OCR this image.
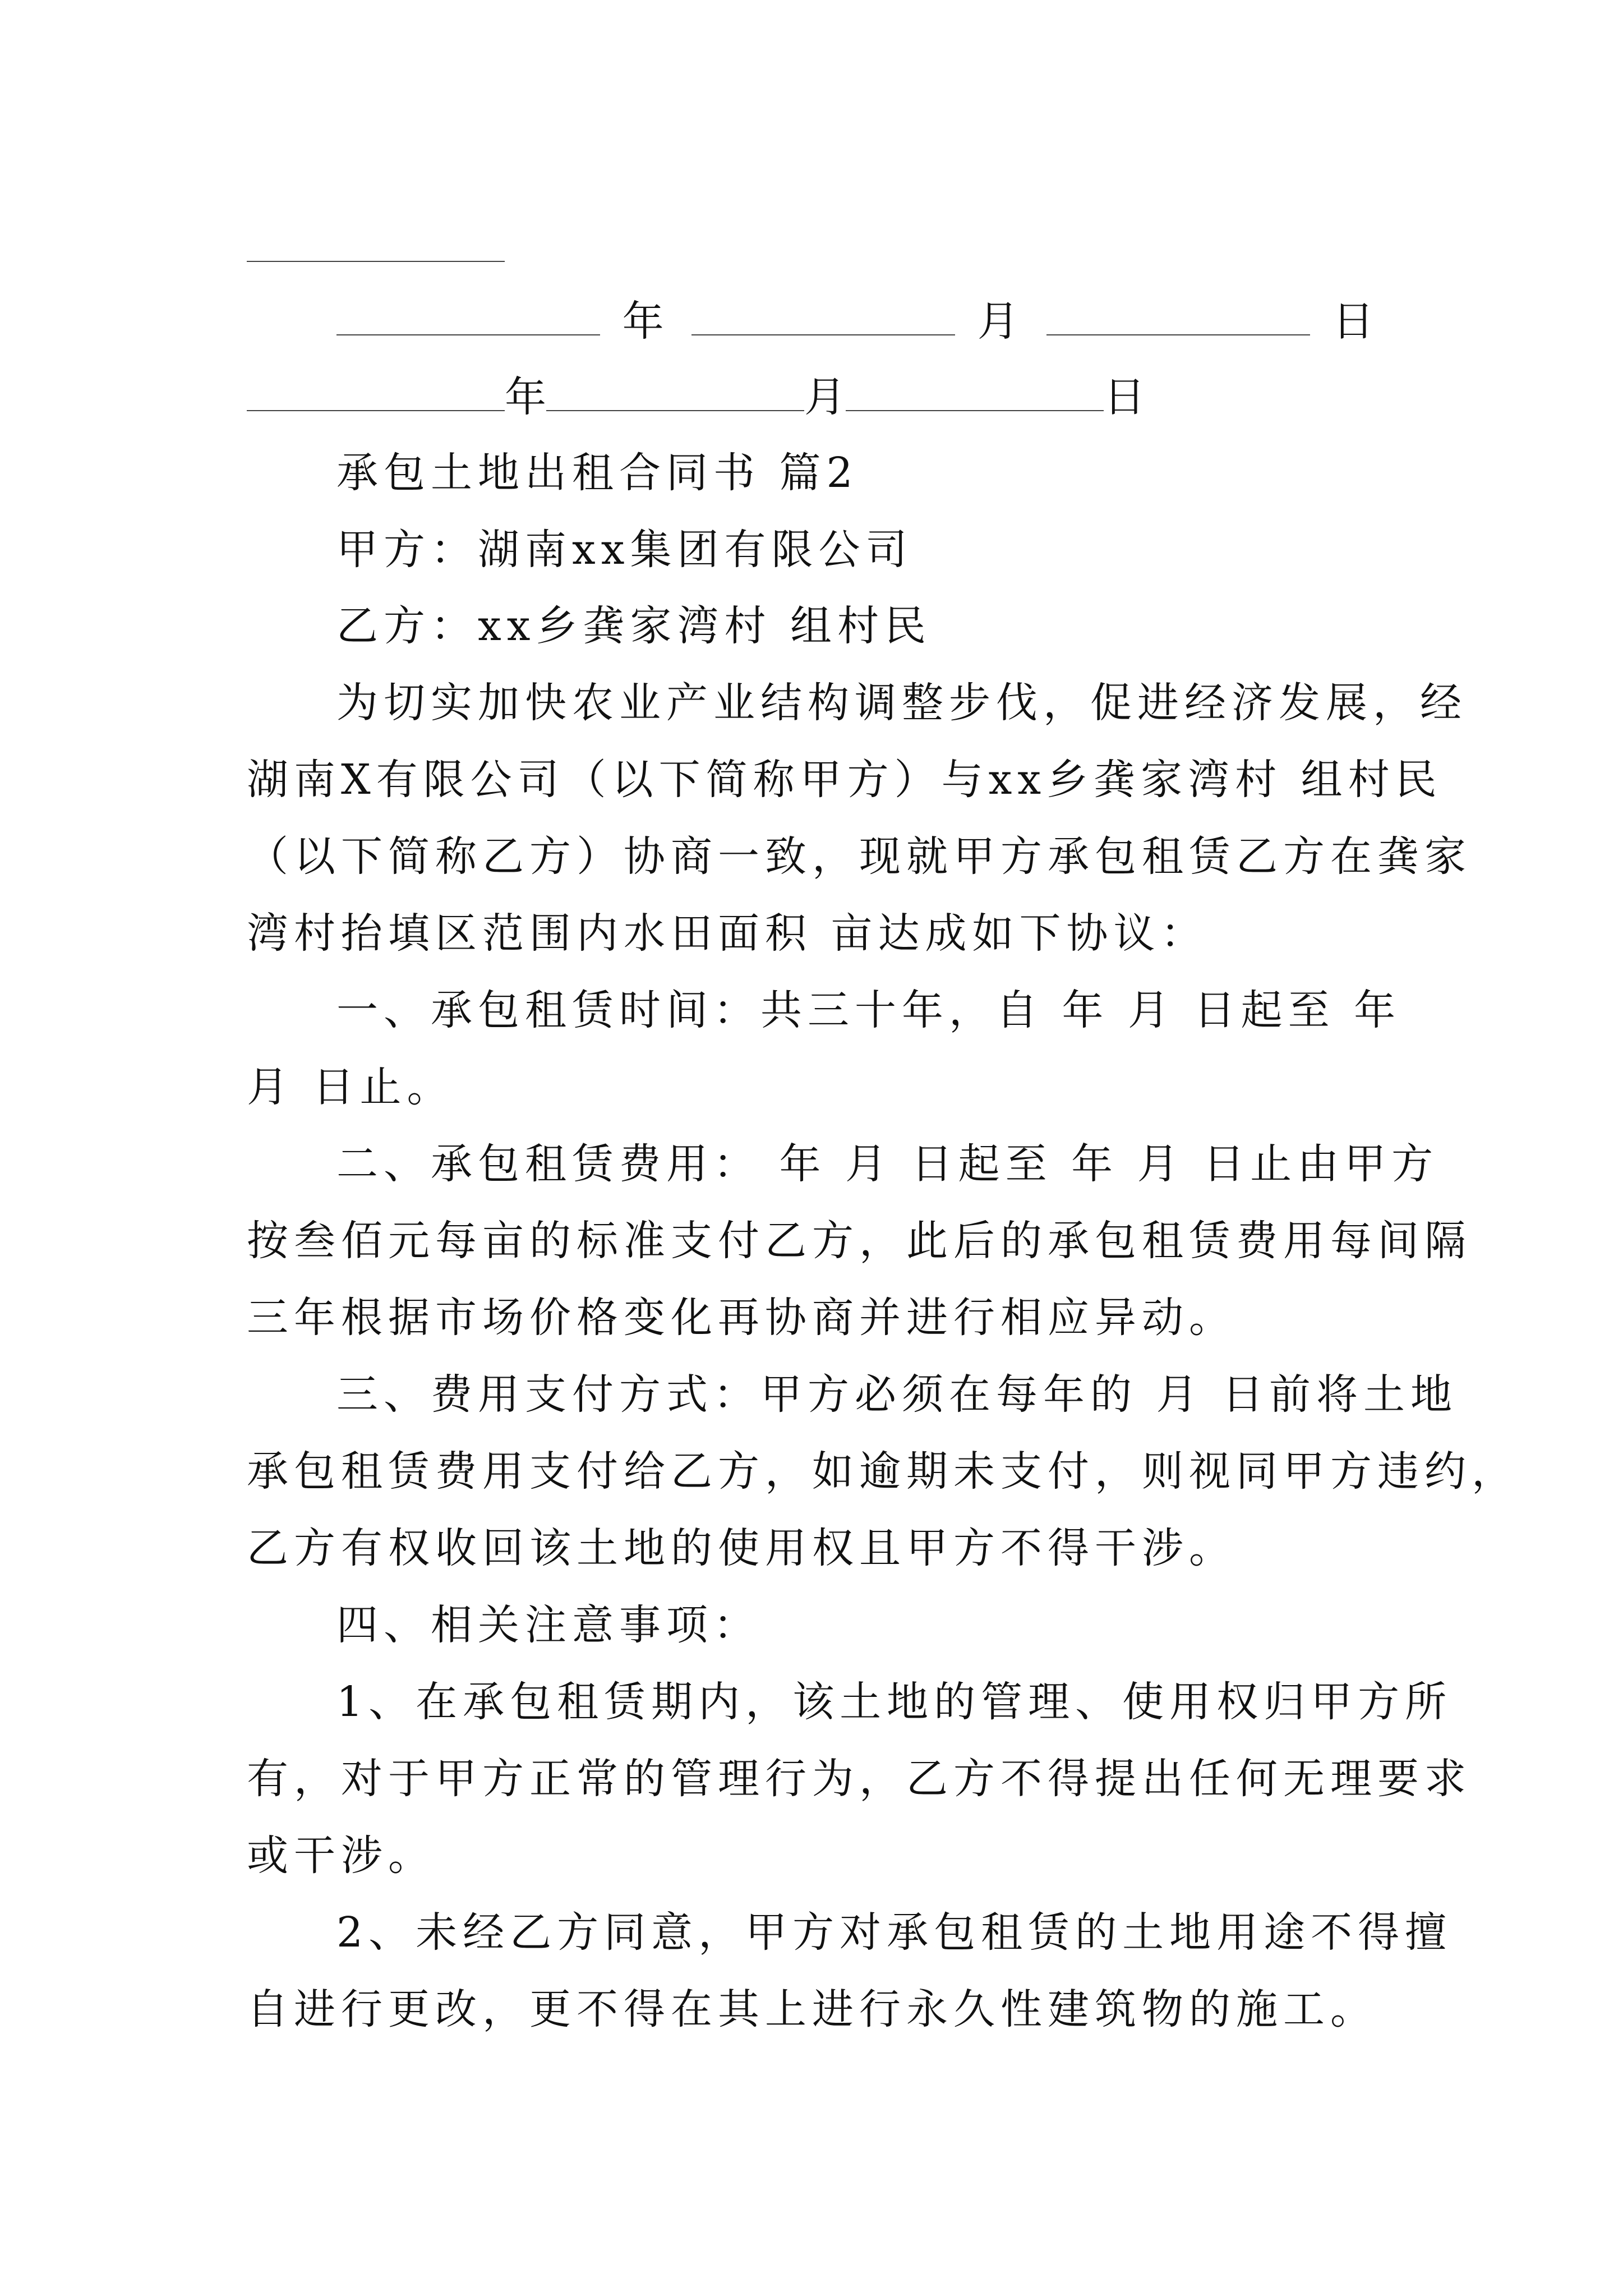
年	月	日
年	月	日
承包土地出租合同书 篇2
甲方：湖南xx集团有限公司
乙方：xx乡龚家湾村 组村民
为切实加快农业产业结构调整步伐，促进经济发展，经
湖南X有限公司（以下简称甲方）与xx乡龚家湾村 组村民
（以下简称乙方）协商一致，现就甲方承包租赁乙方在龚家
湾村抬填区范围内水田面积 亩达成如下协议：
一、承包租赁时间：共三十年，自 年 月 日起至 年
月 日止。
二、承包租赁费用： 年 月 日起至 年 月 日止由甲方
按叁佰元每亩的标准支付乙方，此后的承包租赁费用每间隔
三年根据市场价格变化再协商并进行相应异动。
三、费用支付方式：甲方必须在每年的 月 日前将土地
承包租赁费用支付给乙方，如逾期未支付，则视同甲方违约，
乙方有权收回该土地的使用权且甲方不得干涉。
四、相关注意事项：
1、在承包租赁期内，该土地的管理、使用权归甲方所
有，对于甲方正常的管理行为，乙方不得提出任何无理要求
或干涉。
2、未经乙方同意，甲方对承包租赁的土地用途不得擅
自进行更改，更不得在其上进行永久性建筑物的施工。
